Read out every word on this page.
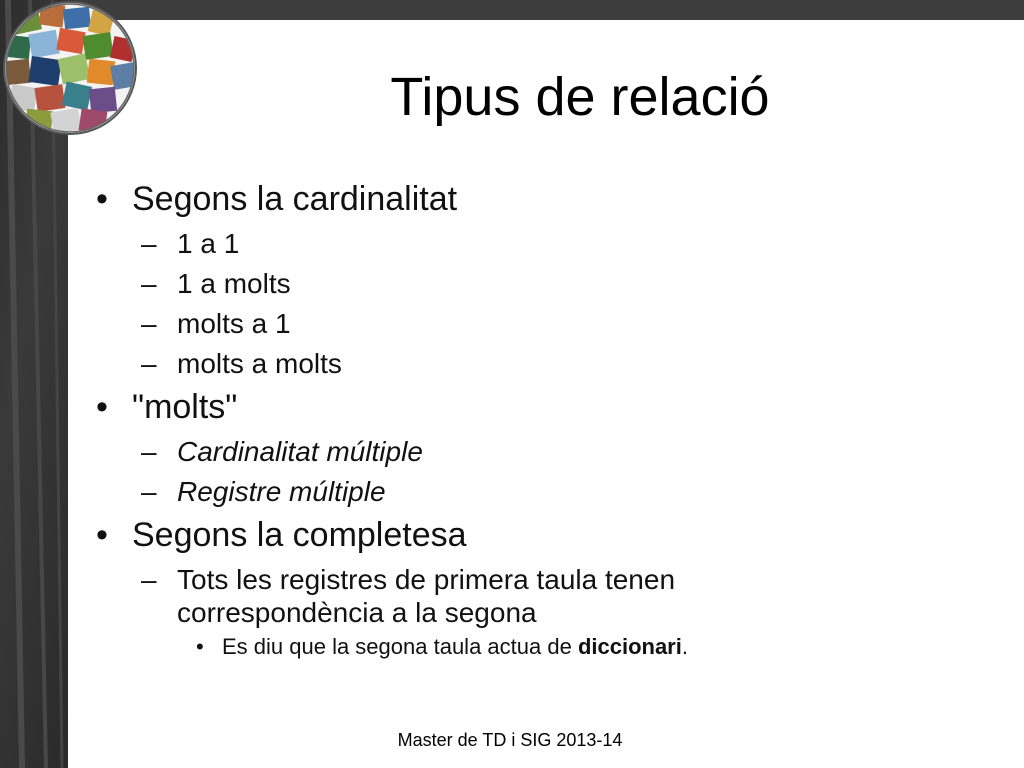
Tipus de relació

• Segons la cardinalitat

– 1 a 1

– 1 a molts

– molts a 1

– molts a molts

• "molts"

– Cardinalitat múltiple

– Registre múltiple

• Segons la completesa

– Tots les registres de primera taula tenen
correspondència a la segona

• Es diu que la segona taula actua de diccionari.

Master de TD i SIG 2013-14
